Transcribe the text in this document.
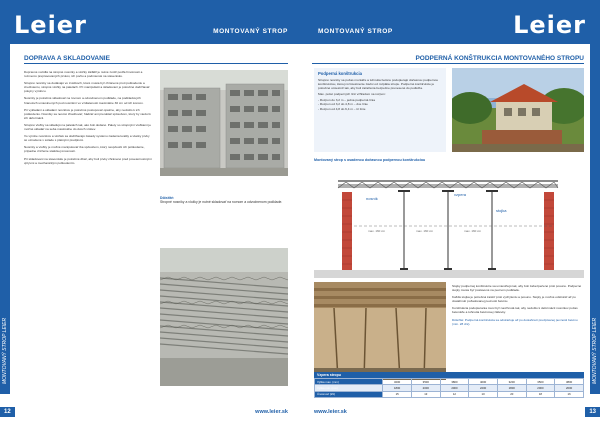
Leier	MONTOVANÝ STROP
MONTOVANÝ STROP LEIER
DOPRAVA A SKLADOVANIE

Dopravné vozidlá na stropné nosníky a vložky LEIER je nutné zvoliť podľa hmotnosti a rozmerov prepravovaných prvkov, ich počtu a podmienok na stavenisku.

Stropné nosníky sa dodávajú vo zväzkoch, ktoré musia byť chránené proti poškodeniu a znečisteniu, stropné vložky na paletách. Pri manipulácii a skladovaní je potrebné dodržiavať pokyny výrobcu.

Nosníky je potrebné skladovať na rovnom a odvodnenom podklade, na podkladových hranoloch umiestnených pod nosníkmi vo vzdialenosti maximálne 30 cm od ich koncov.

Pri vykladaní a ukladaní nosníkov je potrebné postupovať opatrne, aby nedošlo k ich poškodeniu. Nosníky sa nesmú zhadzovať, hádzať ani prenášať spôsobom, ktorý by viedol k ich deformácii.

Stropné vložky sa skladujú na paletách tak, ako boli dodané. Palety so stropnými vložkami je možné ukladať na seba maximálne do dvoch vrstiev.

Vo výrobe nosníkov a vložiek sa dodržiavajú zásady systému riadenia kvality a všetky prvky sú označené v súlade s platnými predpismi.

Nosníky a vložky je možné manipulovať iba spôsobom, ktorý nespôsobí ich poškodenie, prípadne zníženie statickej únosnosti.

Pri skladovaní na stavenisku je potrebné dbať, aby boli prvky chránené pred poveternostnými vplyvmi a mechanickým poškodením.

Dôležité:
Stropné nosníky a vložky je nutné skladovať na rovnom a odvodnenom podklade.
12	www.leier.sk
MONTOVANÝ STROP	Leier
MONTOVANÝ STROP LEIER
PODPERNÁ KONŠTRUKCIA MONTOVANÉHO STROPU
Podperná konštrukcia

Stropné nosníky sa počas montáže a tuhnutia betónu podopierajú dočasnou podpernou konštrukciou, ktorej rozmiestnenie závisí od rozpätia stropu. Podperné konštrukcie je potrebné umiestniť tak, aby boli zaťaženia bezpečne prenesené do podložia.

Max. počet podperných línií vzhľadom na rozpon:

- Rozpon do 3,2 m – jedna podperná línia
- Rozpon od 3,2 do 4,8 m – dve línie
- Rozpon od 4,8 do 6,4 m – tri línie
Montovaný strop s osadenou dočasnou podpernou konštrukciou
nosník
vzpera
stojka
max. 160 cm	max. 160 cm	max. 160 cm

Stojky podpernej konštrukcie sa umiestňujú tak, aby boli zabezpečené proti posunu. Podperné stojky musia byť postavené na pevnom podklade.

Každá stojka je potrebná zaistiť proti vychýleniu a posunu. Stojky je možné odstrániť až po dosiahnutí požadovanej pevnosti betónu.

Konštrukcia podopierania musí byť navrhnutá tak, aby nedošlo k deformácii nosníkov počas betonáže a tuhnutia betónovej zálievky.

Dôležité: Podperná konštrukcia sa odstraňuje až po dosiahnutí predpísanej pevnosti betónu (min. 28 dní).

Vzpera stropu
Výška max. (mm)	3200	3500	3800	4000	3200	3500	3800
Výška min. (mm)	1800	2000	2000	2200	1800	2000	2000
Únosnosť (kN)	15	13	12	10	20	18	16
www.leier.sk	13
